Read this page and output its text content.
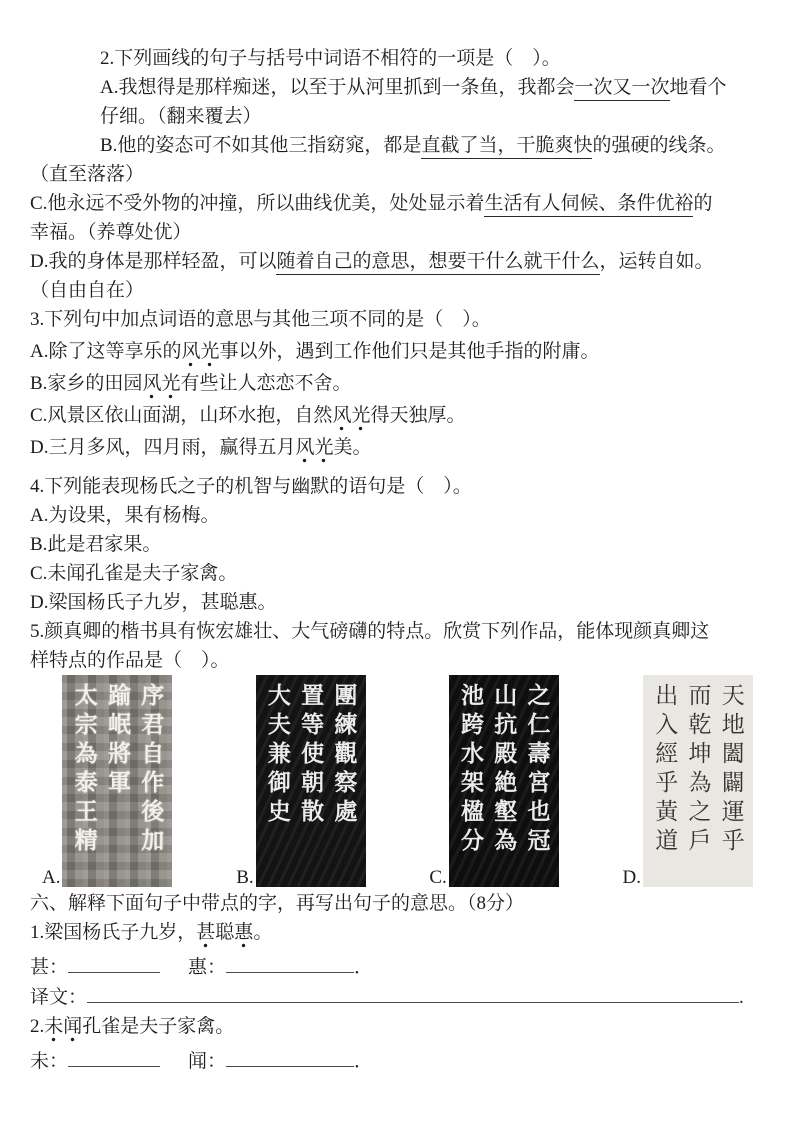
2.下列画线的句子与括号中词语不相符的一项是（　）。

A.我想得是那样痴迷，以至于从河里抓到一条鱼，我都会一次又一次地看个

仔细。（翻来覆去）

B.他的姿态可不如其他三指窈窕，都是直截了当，干脆爽快的强硬的线条。

（直至落落）

C.他永远不受外物的冲撞，所以曲线优美，处处显示着生活有人伺候、条件优裕的

幸福。（养尊处优）

D.我的身体是那样轻盈，可以随着自己的意思，想要干什么就干什么，运转自如。

（自由自在）

3.下列句中加点词语的意思与其他三项不同的是（　）。

A.除了这等享乐的风光事以外，遇到工作他们只是其他手指的附庸。

B.家乡的田园风光有些让人恋恋不舍。

C.风景区依山面湖，山环水抱，自然风光得天独厚。

D.三月多风，四月雨，赢得五月风光美。

4.下列能表现杨氏之子的机智与幽默的语句是（　）。

A.为设果，果有杨梅。

B.此是君家果。

C.未闻孔雀是夫子家禽。

D.梁国杨氏子九岁，甚聪惠。

5.颜真卿的楷书具有恢宏雄壮、大气磅礴的特点。欣赏下列作品，能体现颜真卿这

样特点的作品是（　）。

A.
序君自作後加
踰岷將軍
太宗為泰王精
B.
團練觀察處
置等使朝散
大夫兼御史
C.
之仁壽宮也冠
山抗殿絶壑為
池跨水架楹分
D.
天地闔闢運乎
而乾坤為之戶
出入經乎黃道

六、解释下面句子中带点的字，再写出句子的意思。（8分）

1.梁国杨氏子九岁，甚聪惠。

甚：	惠：	．

译文：	.

2.未闻孔雀是夫子家禽。

未：	闻：	．
